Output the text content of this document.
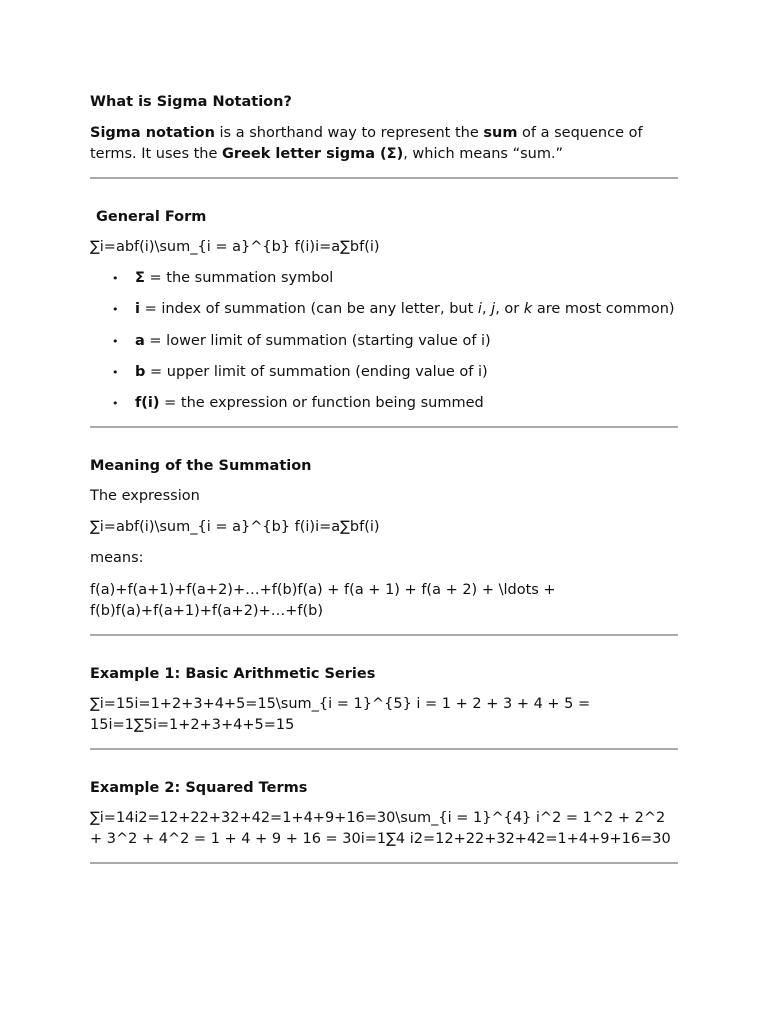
What is Sigma Notation?

Sigma notation is a shorthand way to represent the sum of a sequence of terms. It uses the Greek letter sigma (Σ), which means “sum.”

General Form

∑i=abf(i)\sum_{i = a}^{b} f(i)i=a∑bf(i)

• Σ = the summation symbol
• i = index of summation (can be any letter, but i, j, or k are most common)
• a = lower limit of summation (starting value of i)
• b = upper limit of summation (ending value of i)
• f(i) = the expression or function being summed
Meaning of the Summation

The expression

∑i=abf(i)\sum_{i = a}^{b} f(i)i=a∑bf(i)

means:

f(a)+f(a+1)+f(a+2)+…+f(b)f(a) + f(a + 1) + f(a + 2) + \ldots + f(b)f(a)+f(a+1)+f(a+2)+…+f(b)

Example 1: Basic Arithmetic Series

∑i=15i=1+2+3+4+5=15\sum_{i = 1}^{5} i = 1 + 2 + 3 + 4 + 5 = 15i=1∑5i=1+2+3+4+5=15

Example 2: Squared Terms

∑i=14i2=12+22+32+42=1+4+9+16=30\sum_{i = 1}^{4} i^2 = 1^2 + 2^2 + 3^2 + 4^2 = 1 + 4 + 9 + 16 = 30i=1∑4 i2=12+22+32+42=1+4+9+16=30
